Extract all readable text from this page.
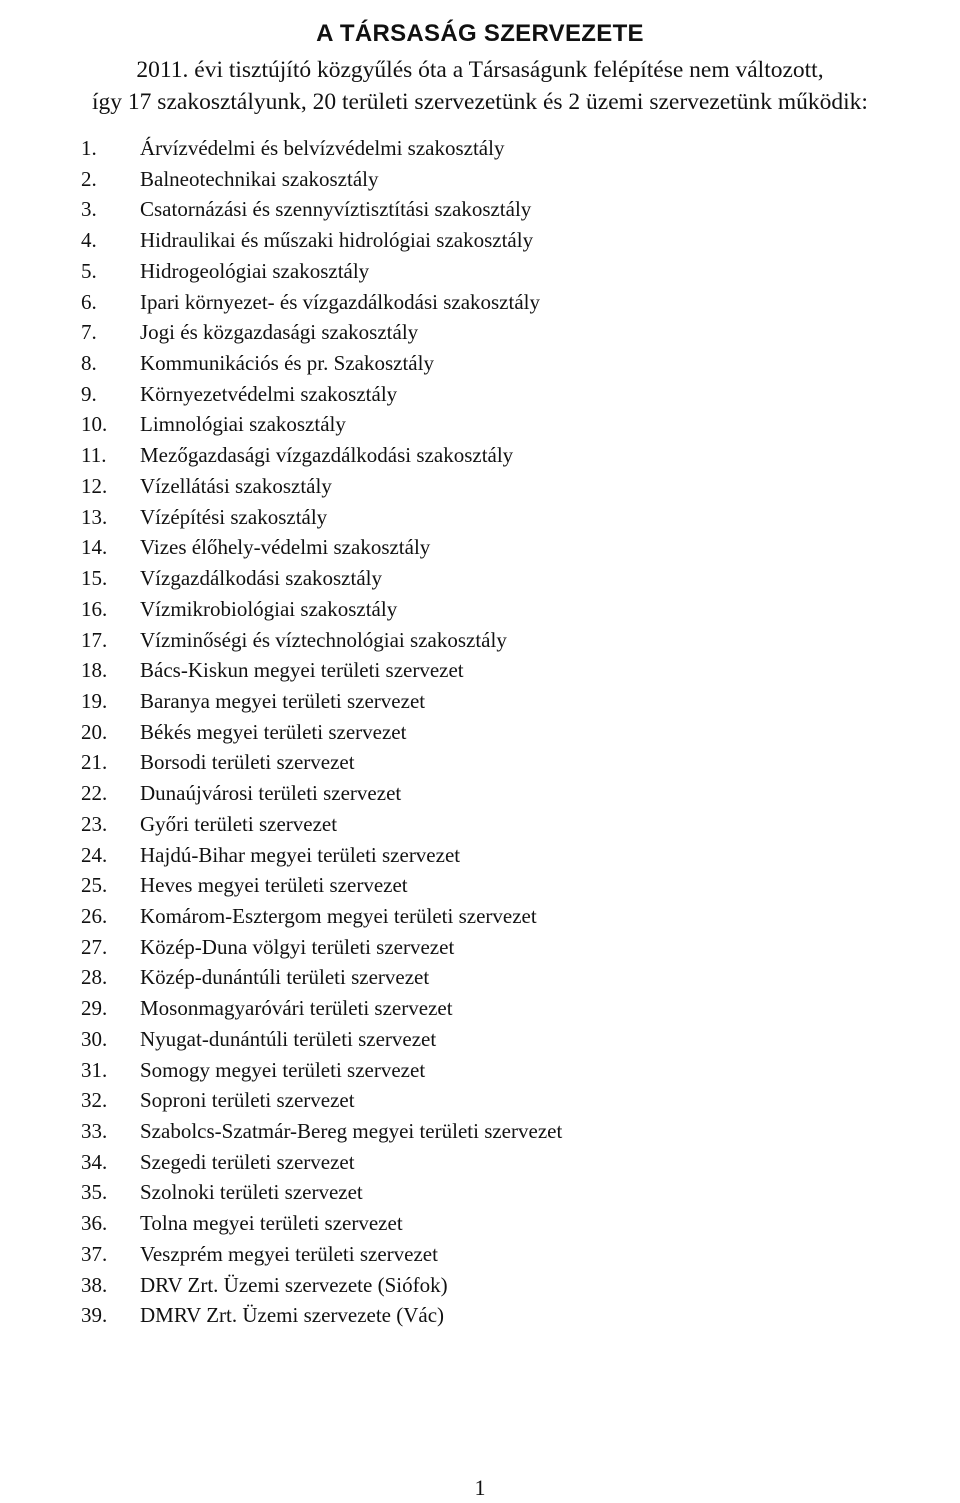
A TÁRSASÁG SZERVEZETE

2011. évi tisztújító közgyűlés óta a Társaságunk felépítése nem változott,
így 17 szakosztályunk, 20 területi szervezetünk és 2 üzemi szervezetünk működik:

1. Árvízvédelmi és belvízvédelmi szakosztály
2. Balneotechnikai szakosztály
3. Csatornázási és szennyvíztisztítási szakosztály
4. Hidraulikai és műszaki hidrológiai szakosztály
5. Hidrogeológiai szakosztály
6. Ipari környezet- és vízgazdálkodási szakosztály
7. Jogi és közgazdasági szakosztály
8. Kommunikációs és pr. Szakosztály
9. Környezetvédelmi szakosztály
10. Limnológiai szakosztály
11. Mezőgazdasági vízgazdálkodási szakosztály
12. Vízellátási szakosztály
13. Vízépítési szakosztály
14. Vizes élőhely-védelmi szakosztály
15. Vízgazdálkodási szakosztály
16. Vízmikrobiológiai szakosztály
17. Vízminőségi és víztechnológiai szakosztály
18. Bács-Kiskun megyei területi szervezet
19. Baranya megyei területi szervezet
20. Békés megyei területi szervezet
21. Borsodi területi szervezet
22. Dunaújvárosi területi szervezet
23. Győri területi szervezet
24. Hajdú-Bihar megyei területi szervezet
25. Heves megyei területi szervezet
26. Komárom-Esztergom megyei területi szervezet
27. Közép-Duna völgyi területi szervezet
28. Közép-dunántúli területi szervezet
29. Mosonmagyaróvári területi szervezet
30. Nyugat-dunántúli területi szervezet
31. Somogy megyei területi szervezet
32. Soproni területi szervezet
33. Szabolcs-Szatmár-Bereg megyei területi szervezet
34. Szegedi területi szervezet
35. Szolnoki területi szervezet
36. Tolna megyei területi szervezet
37. Veszprém megyei területi szervezet
38. DRV Zrt. Üzemi szervezete (Siófok)
39. DMRV Zrt. Üzemi szervezete (Vác)
1
